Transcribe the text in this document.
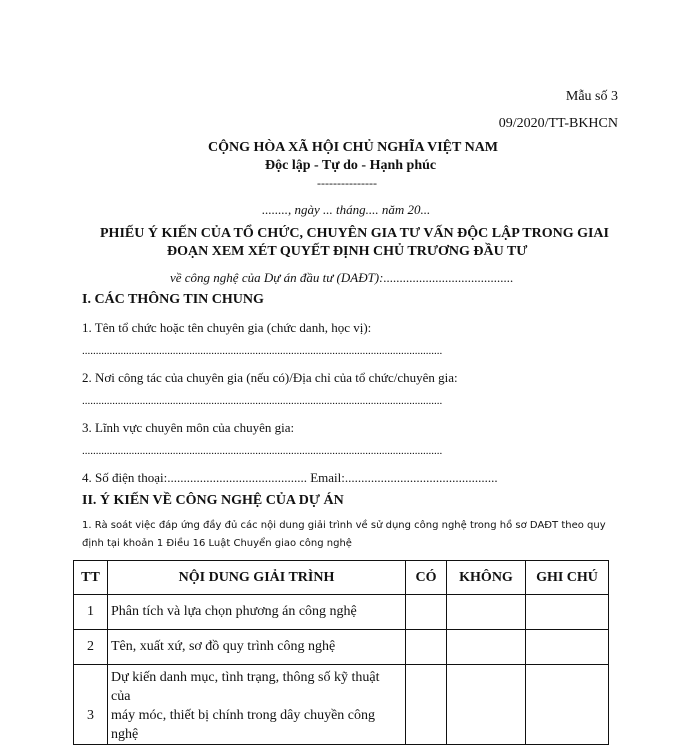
Mẫu số 3
09/2020/TT-BKHCN
CỘNG HÒA XÃ HỘI CHỦ NGHĨA VIỆT NAM
Độc lập - Tự do - Hạnh phúc
---------------
........, ngày ... tháng.... năm 20...
PHIẾU Ý KIẾN CỦA TỔ CHỨC, CHUYÊN GIA TƯ VẤN ĐỘC LẬP TRONG GIAI
ĐOẠN XEM XÉT QUYẾT ĐỊNH CHỦ TRƯƠNG ĐẦU TƯ
về công nghệ của Dự án đầu tư (DAĐT):........................................
I. CÁC THÔNG TIN CHUNG
1. Tên tổ chức hoặc tên chuyên gia (chức danh, học vị):
...................................................................................................................................
2. Nơi công tác của chuyên gia (nếu có)/Địa chỉ của tổ chức/chuyên gia:
...................................................................................................................................
3. Lĩnh vực chuyên môn của chuyên gia:
...................................................................................................................................
4. Số điện thoại:........................................... Email:...............................................
II. Ý KIẾN VỀ CÔNG NGHỆ CỦA DỰ ÁN
1. Rà soát việc đáp ứng đầy đủ các nội dung giải trình về sử dụng công nghệ trong hồ sơ DAĐT theo quy
định tại khoản 1 Điều 16 Luật Chuyển giao công nghệ
TT	NỘI DUNG GIẢI TRÌNH	CÓ	KHÔNG	GHI CHÚ
1	Phân tích và lựa chọn phương án công nghệ			
2	Tên, xuất xứ, sơ đồ quy trình công nghệ			
3	Dự kiến danh mục, tình trạng, thông số kỹ thuật của
máy móc, thiết bị chính trong dây chuyền công nghệ			
